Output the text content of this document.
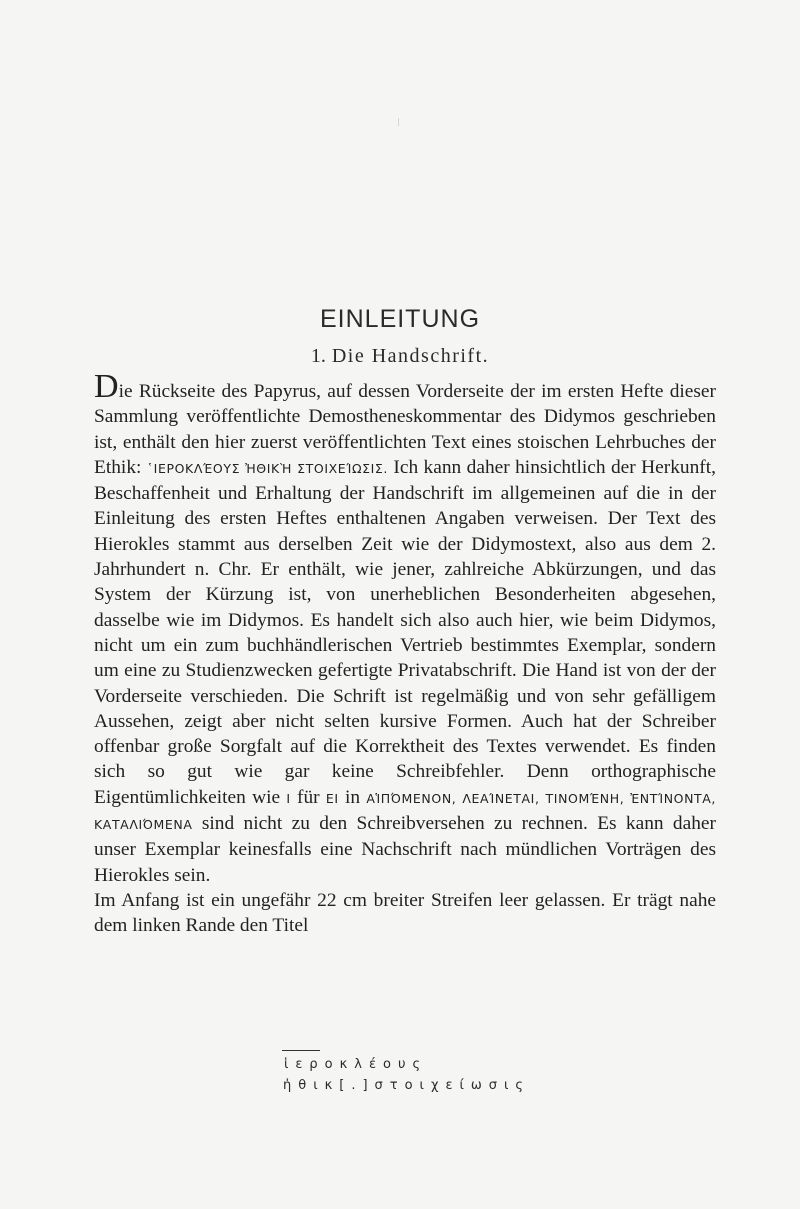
EINLEITUNG
1. Die Handschrift.

Die Rückseite des Papyrus, auf dessen Vorderseite der im ersten Hefte dieser Sammlung veröffentlichte Demostheneskommentar des Didymos geschrieben ist, enthält den hier zuerst veröffentlichten Text eines stoischen Lehrbuches der Ethik: ῾ΙΕΡΟΚΛΈΟΥΣ ἨΘΙΚῊ ΣΤΟΙΧΕΊΩΣΙΣ. Ich kann daher hinsichtlich der Herkunft, Beschaffenheit und Erhaltung der Handschrift im allgemeinen auf die in der Einleitung des ersten Heftes enthaltenen Angaben verweisen. Der Text des Hierokles stammt aus derselben Zeit wie der Didymostext, also aus dem 2. Jahrhundert n. Chr. Er enthält, wie jener, zahlreiche Abkürzungen, und das System der Kürzung ist, von unerheblichen Besonderheiten abgesehen, dasselbe wie im Didymos. Es handelt sich also auch hier, wie beim Didymos, nicht um ein zum buchhändlerischen Vertrieb bestimmtes Exemplar, sondern um eine zu Studienzwecken gefertigte Privatabschrift. Die Hand ist von der der Vorderseite verschieden. Die Schrift ist regelmäßig und von sehr gefälligem Aussehen, zeigt aber nicht selten kursive Formen. Auch hat der Schreiber offenbar große Sorgfalt auf die Korrektheit des Textes verwendet. Es finden sich so gut wie gar keine Schreibfehler. Denn orthographische Eigentümlichkeiten wie Ι für ΕΙ in ΑἹΠΌΜΕΝΟΝ, ΛΕΑΊΝΕΤΑΙ, ΤΙΝΟΜΈΝΗ, ἘΝΤΊΝΟΝΤΑ, ΚΑΤΑΛΙΌΜΕΝΑ sind nicht zu den Schreibversehen zu rechnen. Es kann daher unser Exemplar keinesfalls eine Nachschrift nach mündlichen Vorträgen des Hierokles sein.

Im Anfang ist ein ungefähr 22 cm breiter Streifen leer gelassen. Er trägt nahe dem linken Rande den Titel

ἱεροκλέους
ἠθικ[.]στοιχείωσις
